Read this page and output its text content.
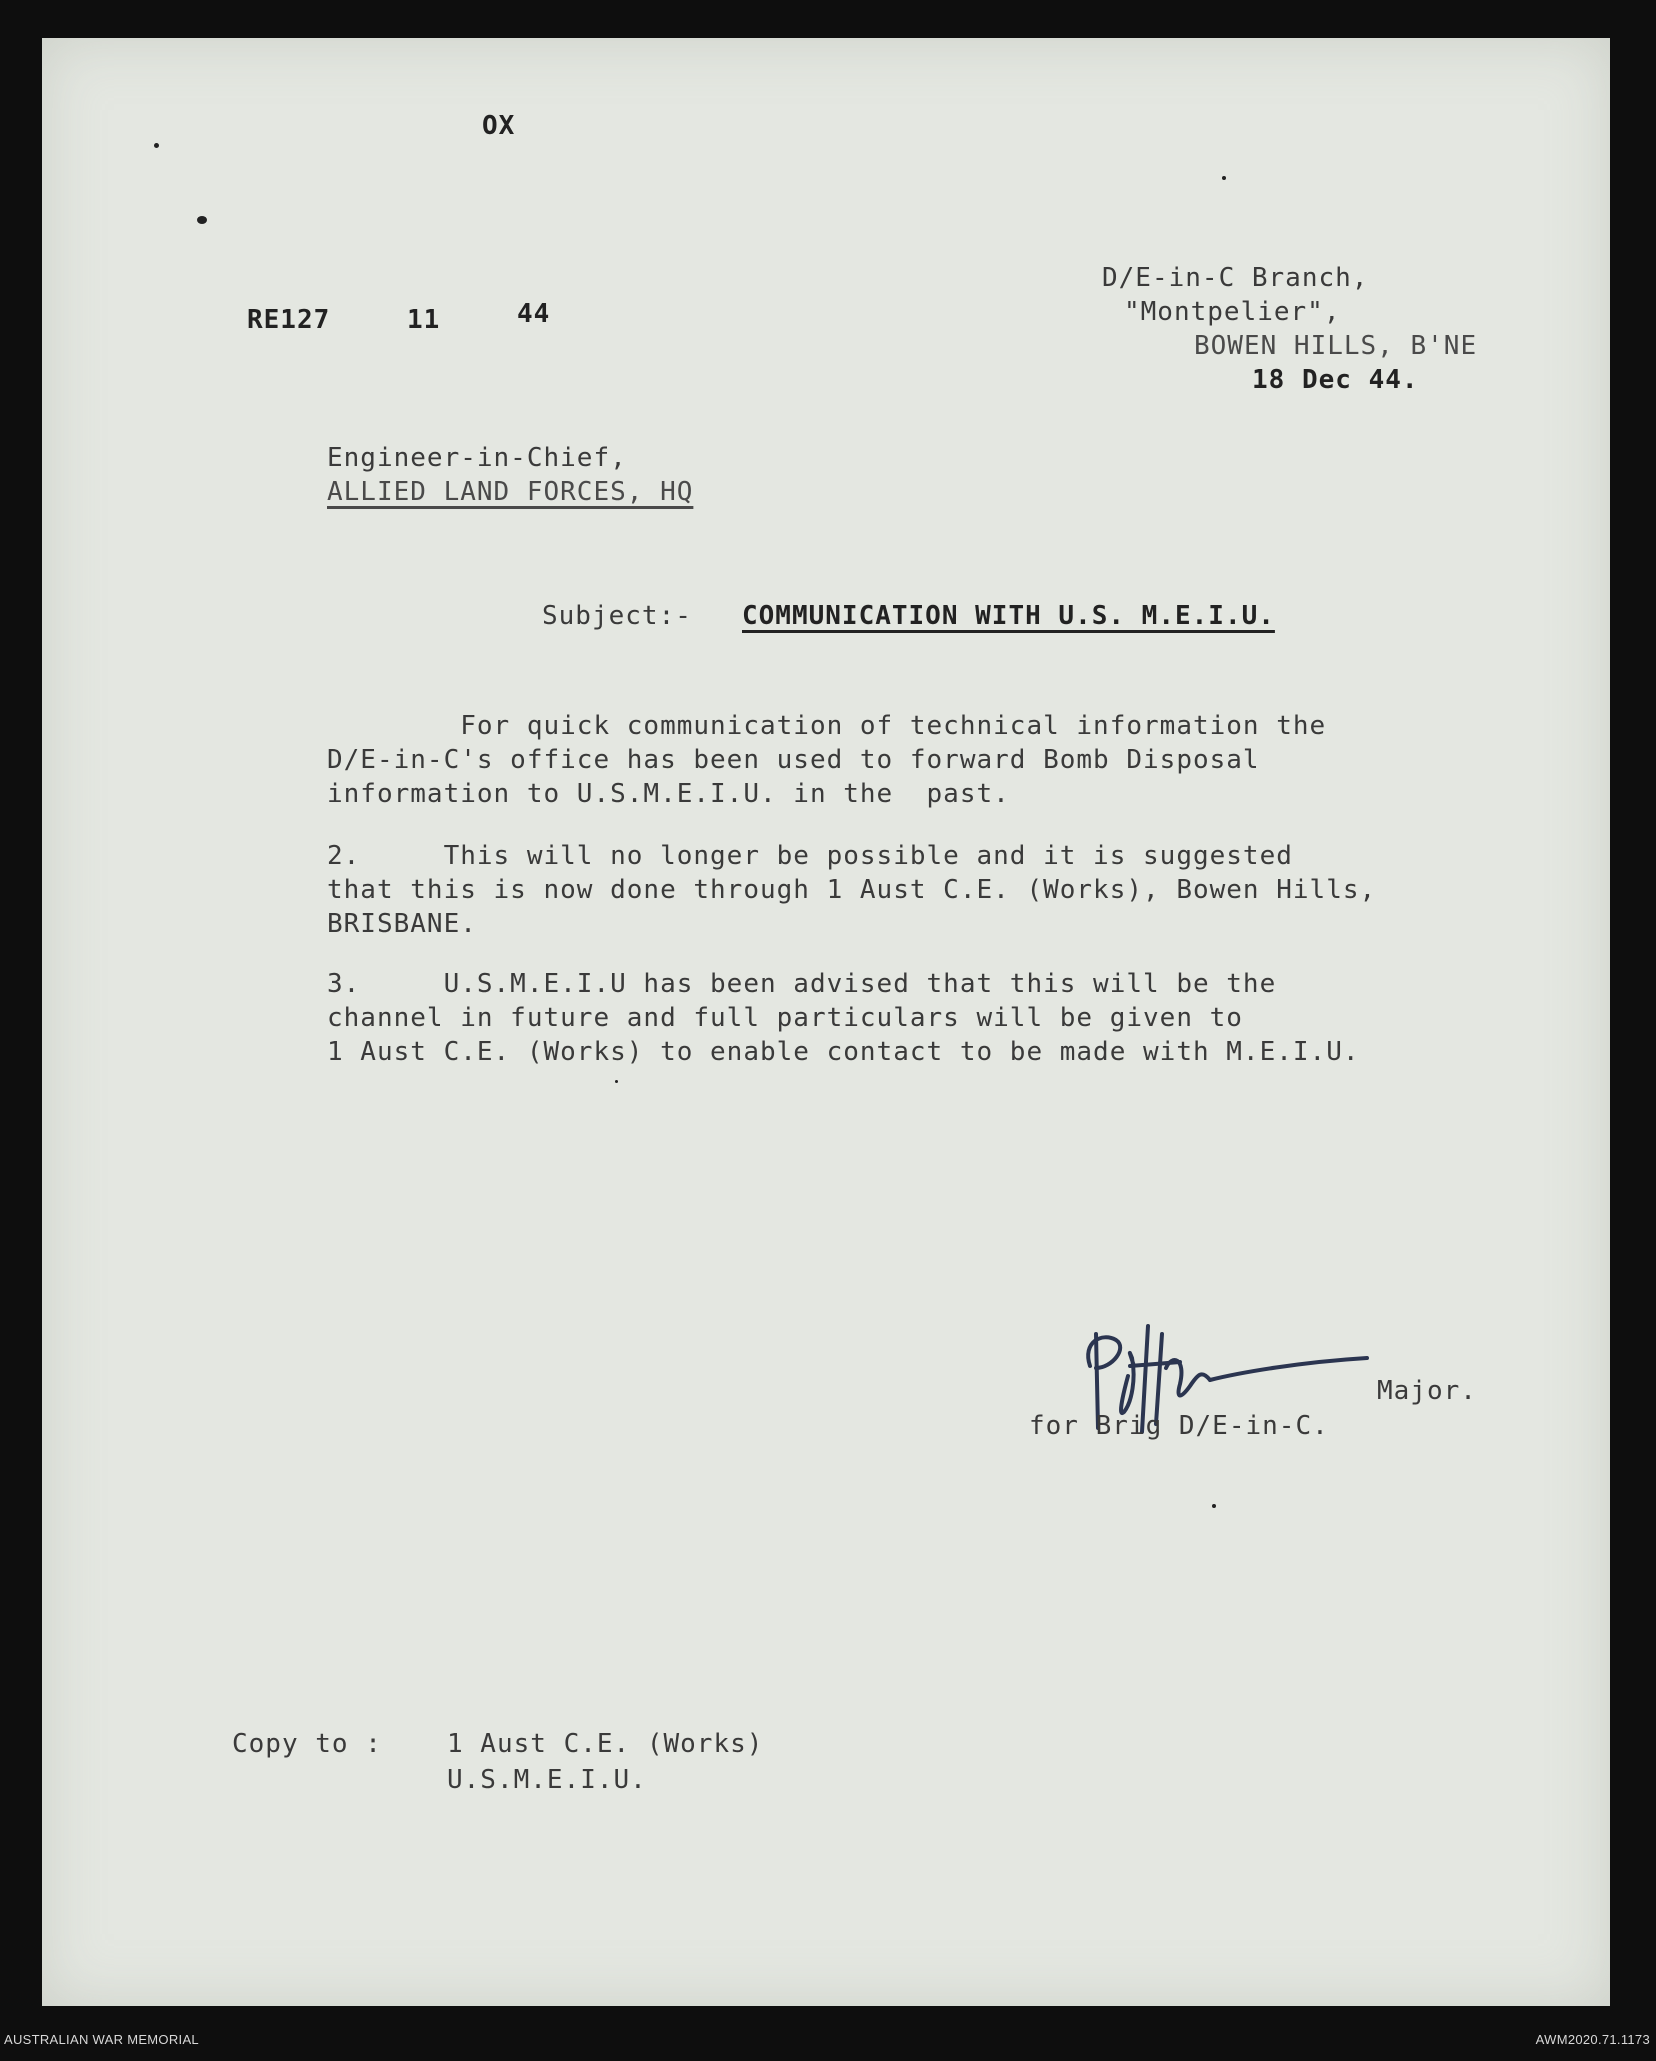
OX
RE127	11	44
D/E-in-C Branch,
"Montpelier",
BOWEN HILLS, B'NE
18 Dec 44.
Engineer-in-Chief,
ALLIED LAND FORCES, HQ
Subject:- COMMUNICATION WITH U.S. M.E.I.U.
For quick communication of technical information the
D/E-in-C's office has been used to forward Bomb Disposal
information to U.S.M.E.I.U. in the  past.
2.     This will no longer be possible and it is suggested
that this is now done through 1 Aust C.E. (Works), Bowen Hills,
BRISBANE.
3.     U.S.M.E.I.U has been advised that this will be the
channel in future and full particulars will be given to
1 Aust C.E. (Works) to enable contact to be made with M.E.I.U.
Major.
for Brig D/E-in-C.
Copy to :	1 Aust C.E. (Works)
U.S.M.E.I.U.
AUSTRALIAN WAR MEMORIAL	AWM2020.71.1173
